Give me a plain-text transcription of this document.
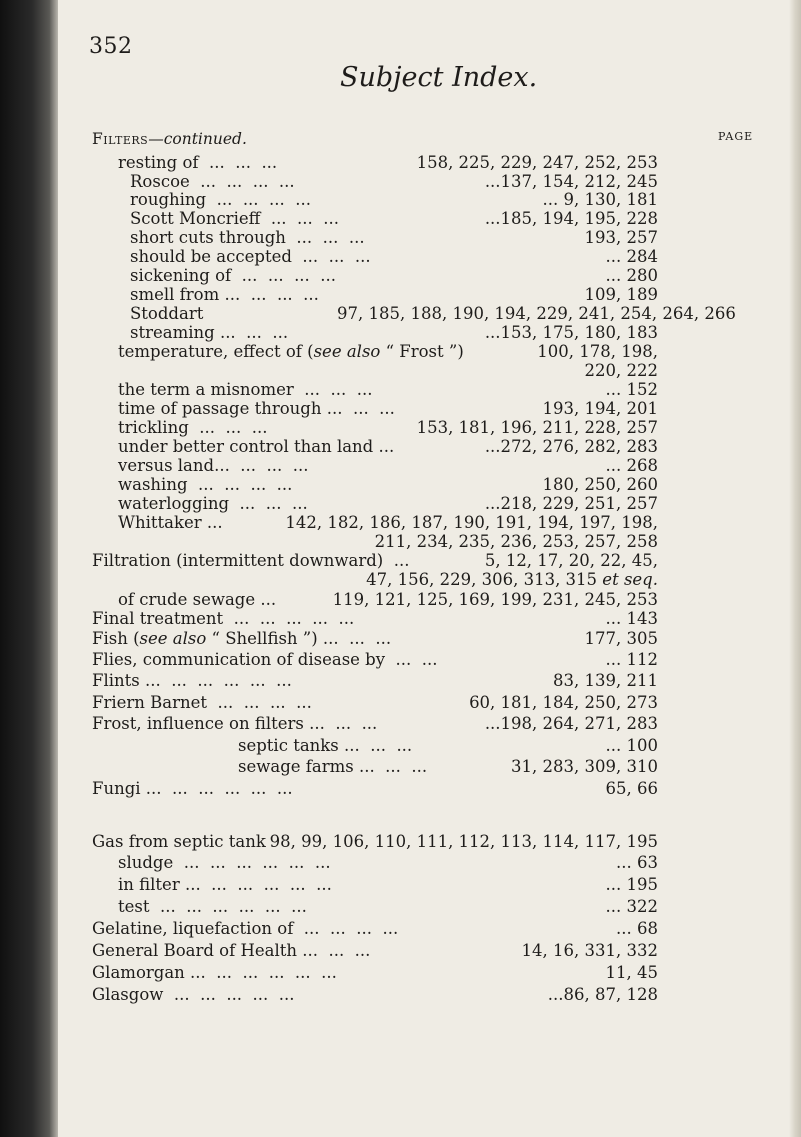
352
Subject Index.
Filters—continued.	PAGE
resting of  ...  ...  ...	158, 225, 229, 247, 252, 253
Roscoe  ...  ...  ...  ...	...137, 154, 212, 245
roughing  ...  ...  ...  ...	... 9, 130, 181
Scott Moncrieff  ...  ...  ...	...185, 194, 195, 228
short cuts through  ...  ...  ...	193, 257
should be accepted  ...  ...  ...	... 284
sickening of  ...  ...  ...  ...	... 280
smell from ...  ...  ...  ...	109, 189
Stoddart	97, 185, 188, 190, 194, 229, 241, 254, 264, 266
streaming ...  ...  ...	...153, 175, 180, 183
temperature, effect of (see also “ Frost ”)	100, 178, 198,
220, 222
the term a misnomer  ...  ...  ...	... 152
time of passage through ...  ...  ...	193, 194, 201
trickling  ...  ...  ...	153, 181, 196, 211, 228, 257
under better control than land ...	...272, 276, 282, 283
versus land...  ...  ...  ...	... 268
washing  ...  ...  ...  ...	180, 250, 260
waterlogging  ...  ...  ...	...218, 229, 251, 257
Whittaker ...	142, 182, 186, 187, 190, 191, 194, 197, 198,
211, 234, 235, 236, 253, 257, 258
Filtration (intermittent downward)  ...	5, 12, 17, 20, 22, 45,
47, 156, 229, 306, 313, 315 et seq.
of crude sewage ...	119, 121, 125, 169, 199, 231, 245, 253
Final treatment  ...  ...  ...  ...  ...	... 143
Fish (see also “ Shellfish ”) ...  ...  ...	177, 305
Flies, communication of disease by  ...  ...	... 112
Flints ...  ...  ...  ...  ...  ...	83, 139, 211
Friern Barnet  ...  ...  ...  ...	60, 181, 184, 250, 273
Frost, influence on filters ...  ...  ...	...198, 264, 271, 283
septic tanks ...  ...  ...	... 100
sewage farms ...  ...  ...	31, 283, 309, 310
Fungi ...  ...  ...  ...  ...  ...	65, 66
Gas from septic tank 98, 99, 106, 110, 111, 112, 113, 114, 117, 195
sludge  ...  ...  ...  ...  ...  ...	... 63
in filter ...  ...  ...  ...  ...  ...	... 195
test  ...  ...  ...  ...  ...  ...	... 322
Gelatine, liquefaction of  ...  ...  ...  ...	... 68
General Board of Health ...  ...  ...	14, 16, 331, 332
Glamorgan ...  ...  ...  ...  ...  ...	11, 45
Glasgow  ...  ...  ...  ...  ...	...86, 87, 128
